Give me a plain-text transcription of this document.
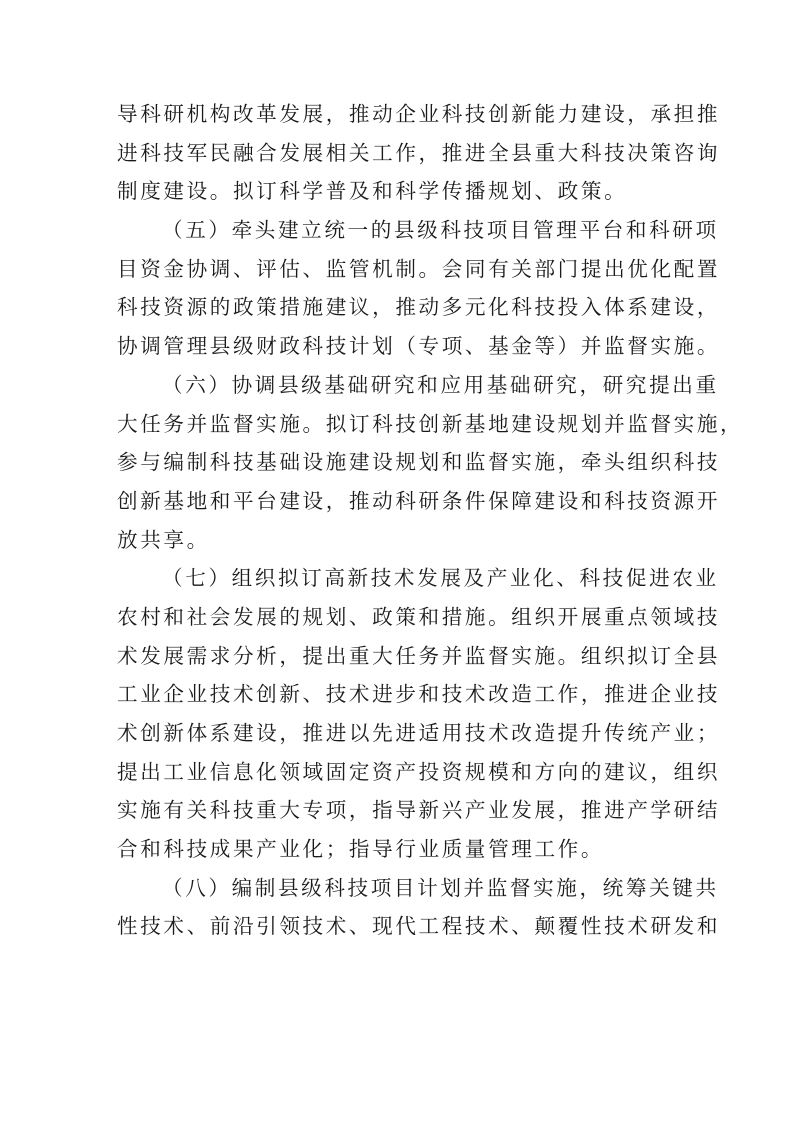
导科研机构改革发展，推动企业科技创新能力建设，承担推
进科技军民融合发展相关工作，推进全县重大科技决策咨询
制度建设。拟订科学普及和科学传播规划、政策。
（五）牵头建立统一的县级科技项目管理平台和科研项
目资金协调、评估、监管机制。会同有关部门提出优化配置
科技资源的政策措施建议，推动多元化科技投入体系建设，
协调管理县级财政科技计划（专项、基金等）并监督实施。
（六）协调县级基础研究和应用基础研究，研究提出重
大任务并监督实施。拟订科技创新基地建设规划并监督实施，
参与编制科技基础设施建设规划和监督实施，牵头组织科技
创新基地和平台建设，推动科研条件保障建设和科技资源开
放共享。
（七）组织拟订高新技术发展及产业化、科技促进农业
农村和社会发展的规划、政策和措施。组织开展重点领域技
术发展需求分析，提出重大任务并监督实施。组织拟订全县
工业企业技术创新、技术进步和技术改造工作，推进企业技
术创新体系建设，推进以先进适用技术改造提升传统产业；
提出工业信息化领域固定资产投资规模和方向的建议，组织
实施有关科技重大专项，指导新兴产业发展，推进产学研结
合和科技成果产业化；指导行业质量管理工作。
（八）编制县级科技项目计划并监督实施，统筹关键共
性技术、前沿引领技术、现代工程技术、颠覆性技术研发和
